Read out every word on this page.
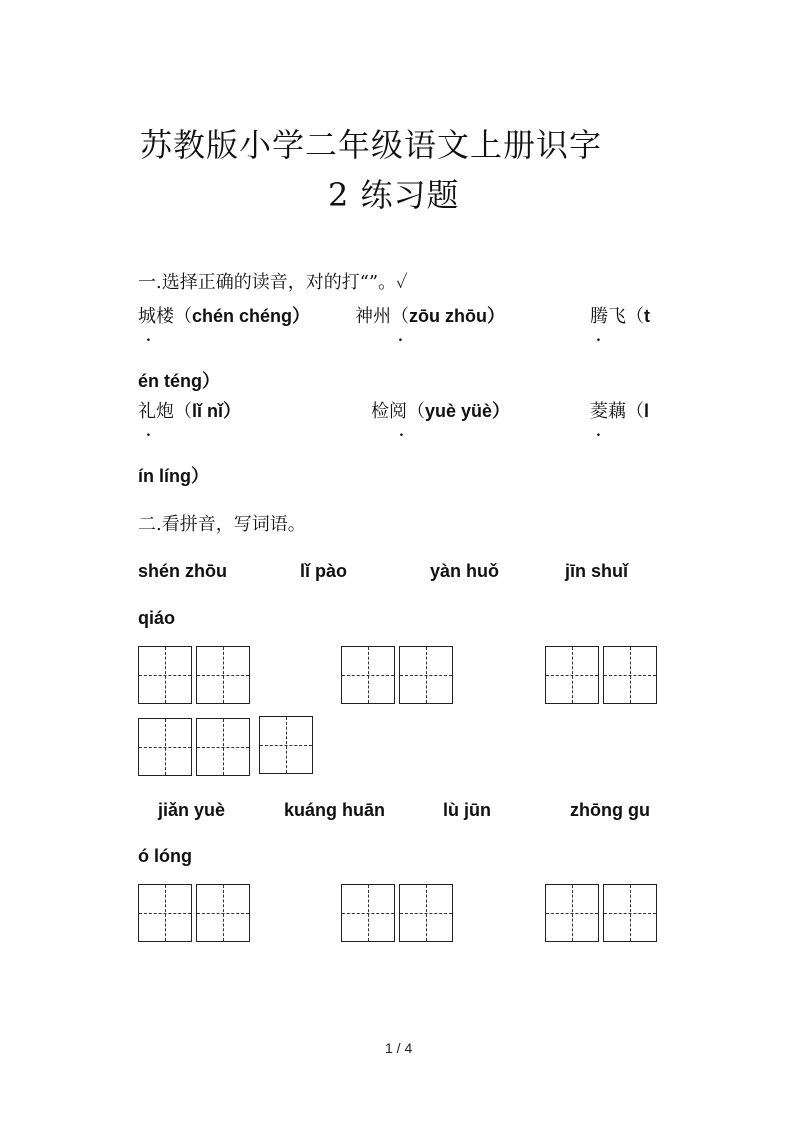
苏教版小学二年级语文上册识字
2 练习题
一.选择正确的读音，对的打“”。✓
城楼（chén chéng）
.
神州（zōu zhōu）
.
腾飞（t
.
én téng）
礼炮（lǐ nǐ）
.
检阅（yuè yüè）
.
菱藕（l
.
ín líng）
二.看拼音，写词语。
shén zhōu	lǐ pào	yàn huǒ	jīn shuǐ
qiáo
jiǎn yuè	kuáng huān	lù jūn	zhōng gu
ó lóng
1 / 4
